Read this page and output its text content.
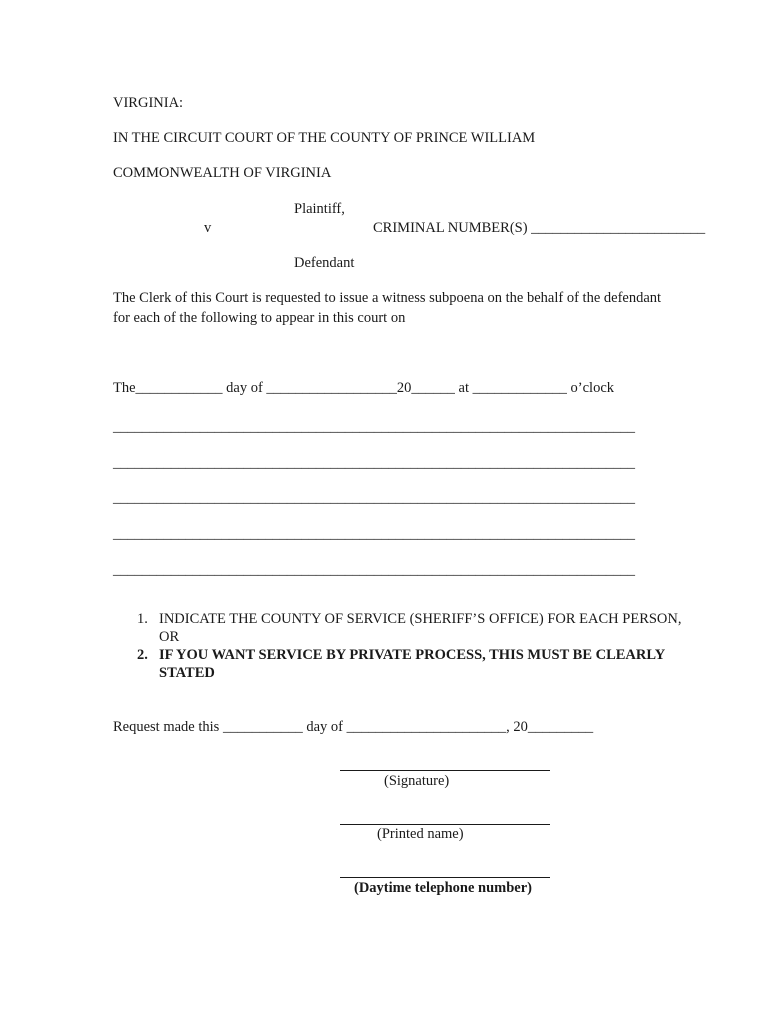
VIRGINIA:
IN THE CIRCUIT COURT OF THE COUNTY OF PRINCE WILLIAM
COMMONWEALTH OF VIRGINIA
Plaintiff,
v	CRIMINAL NUMBER(S) ________________________
Defendant
The Clerk of this Court is requested to issue a witness subpoena on the behalf of the defendant
for each of the following to appear in this court on
The____________ day of __________________20______ at _____________ o’clock
________________________________________________________________________
________________________________________________________________________
________________________________________________________________________
________________________________________________________________________
________________________________________________________________________
1. INDICATE THE COUNTY OF SERVICE (SHERIFF’S OFFICE) FOR EACH PERSON,
OR
2. IF YOU WANT SERVICE BY PRIVATE PROCESS, THIS MUST BE CLEARLY
STATED
Request made this ___________ day of ______________________, 20_________
(Signature)
(Printed name)
(Daytime telephone number)
